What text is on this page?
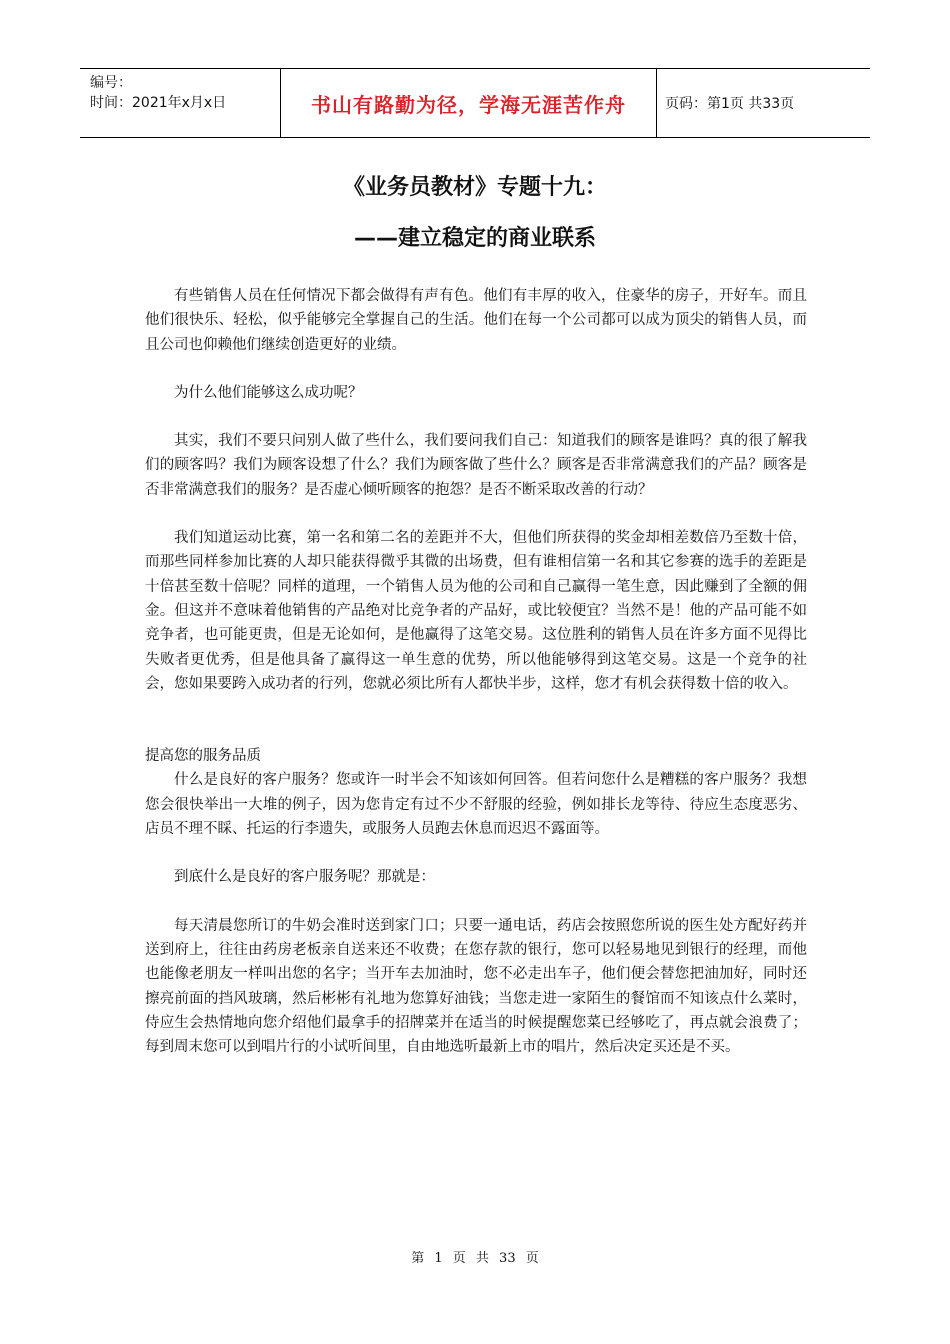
编号：
时间：2021年x月x日	书山有路勤为径，学海无涯苦作舟	页码：第1页 共33页
《业务员教材》专题十九：
——建立稳定的商业联系

有些销售人员在任何情况下都会做得有声有色。他们有丰厚的收入，住豪华的房子，开好车。而且他们很快乐、轻松，似乎能够完全掌握自己的生活。他们在每一个公司都可以成为顶尖的销售人员，而且公司也仰赖他们继续创造更好的业绩。

为什么他们能够这么成功呢？

其实，我们不要只问别人做了些什么，我们要问我们自己：知道我们的顾客是谁吗？真的很了解我们的顾客吗？我们为顾客设想了什么？我们为顾客做了些什么？顾客是否非常满意我们的产品？顾客是否非常满意我们的服务？是否虚心倾听顾客的抱怨？是否不断采取改善的行动？

我们知道运动比赛，第一名和第二名的差距并不大，但他们所获得的奖金却相差数倍乃至数十倍，而那些同样参加比赛的人却只能获得微乎其微的出场费，但有谁相信第一名和其它参赛的选手的差距是十倍甚至数十倍呢？同样的道理，一个销售人员为他的公司和自己赢得一笔生意，因此赚到了全额的佣金。但这并不意味着他销售的产品绝对比竞争者的产品好，或比较便宜？当然不是！他的产品可能不如竞争者，也可能更贵，但是无论如何，是他赢得了这笔交易。这位胜利的销售人员在许多方面不见得比失败者更优秀，但是他具备了赢得这一单生意的优势，所以他能够得到这笔交易。这是一个竞争的社会，您如果要跨入成功者的行列，您就必须比所有人都快半步，这样，您才有机会获得数十倍的收入。

提高您的服务品质

什么是良好的客户服务？您或许一时半会不知该如何回答。但若问您什么是糟糕的客户服务？我想您会很快举出一大堆的例子，因为您肯定有过不少不舒服的经验，例如排长龙等待、待应生态度恶劣、店员不理不睬、托运的行李遗失，或服务人员跑去休息而迟迟不露面等。

到底什么是良好的客户服务呢？那就是：

每天清晨您所订的牛奶会准时送到家门口；只要一通电话，药店会按照您所说的医生处方配好药并送到府上，往往由药房老板亲自送来还不收费；在您存款的银行，您可以轻易地见到银行的经理，而他也能像老朋友一样叫出您的名字；当开车去加油时，您不必走出车子，他们便会替您把油加好，同时还擦亮前面的挡风玻璃，然后彬彬有礼地为您算好油钱；当您走进一家陌生的餐馆而不知该点什么菜时，侍应生会热情地向您介绍他们最拿手的招牌菜并在适当的时候提醒您菜已经够吃了，再点就会浪费了；每到周末您可以到唱片行的小试听间里，自由地选听最新上市的唱片，然后决定买还是不买。

第 1 页 共 33 页
